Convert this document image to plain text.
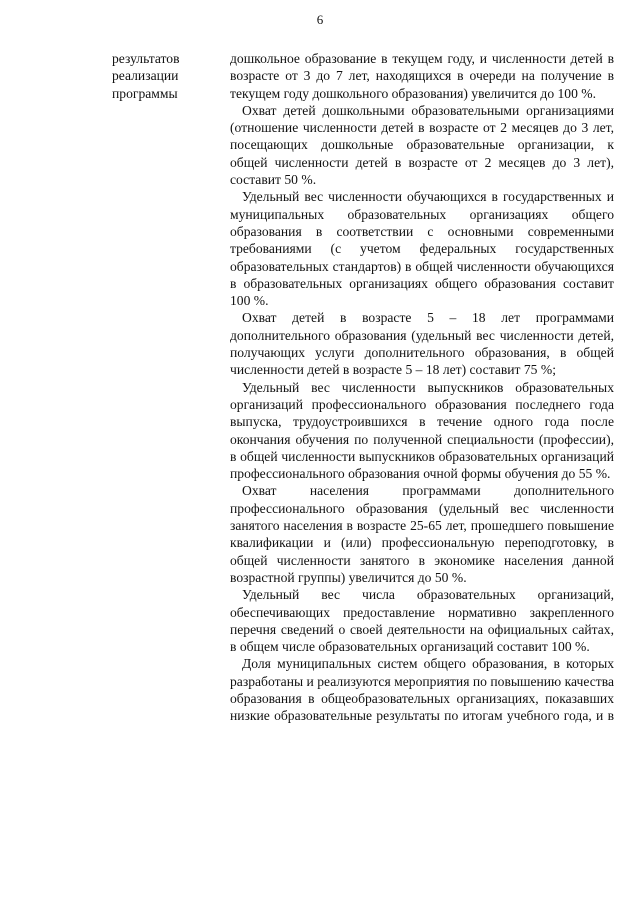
6
результатов
реализации
программы

дошкольное образование в текущем году, и численности детей в возрасте от 3 до 7 лет, находящихся в очереди на получение в текущем году дошкольного образования) увеличится до 100 %.

Охват детей дошкольными образовательными организациями (отношение численности детей в возрасте от 2 месяцев до 3 лет, посещающих дошкольные образовательные организации, к общей численности детей в возрасте от 2 месяцев до 3 лет), составит 50 %.

Удельный вес численности обучающихся в государственных и муниципальных образовательных организациях общего образования в соответствии с основными современными требованиями (с учетом федеральных государственных образовательных стандартов) в общей численности обучающихся в образовательных организациях общего образования составит 100 %.

Охват детей в возрасте 5 – 18 лет программами дополнительного образования (удельный вес численности детей, получающих услуги дополнительного образования, в общей численности детей в возрасте 5 – 18 лет) составит 75 %;

Удельный вес численности выпускников образовательных организаций профессионального образования последнего года выпуска, трудоустроившихся в течение одного года после окончания обучения по полученной специальности (профессии), в общей численности выпускников образовательных организаций профессионального образования очной формы обучения до 55 %.

Охват населения программами дополнительного профессионального образования (удельный вес численности занятого населения в возрасте 25-65 лет, прошедшего повышение квалификации и (или) профессиональную переподготовку, в общей численности занятого в экономике населения данной возрастной группы) увеличится до 50 %.

Удельный вес числа образовательных организаций, обеспечивающих предоставление нормативно закрепленного перечня сведений о своей деятельности на официальных сайтах, в общем числе образовательных организаций составит 100 %.

Доля муниципальных систем общего образования, в которых разработаны и реализуются мероприятия по повышению качества образования в общеобразовательных организациях, показавших низкие образовательные результаты по итогам учебного года, и в
